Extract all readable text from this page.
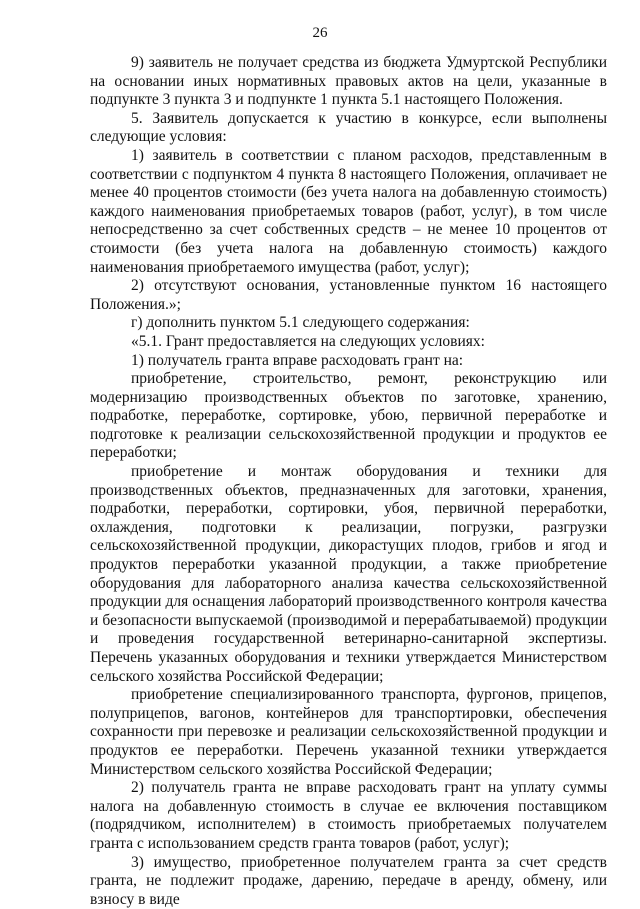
26

9) заявитель не получает средства из бюджета Удмуртской Республики на основании иных нормативных правовых актов на цели, указанные в подпункте 3 пункта 3 и подпункте 1 пункта 5.1 настоящего Положения.

5. Заявитель допускается к участию в конкурсе, если выполнены следующие условия:

1) заявитель в соответствии с планом расходов, представленным в соответствии с подпунктом 4 пункта 8 настоящего Положения, оплачивает не менее 40 процентов стоимости (без учета налога на добавленную стоимость) каждого наименования приобретаемых товаров (работ, услуг), в том числе непосредственно за счет собственных средств – не менее 10 процентов от стоимости (без учета налога на добавленную стоимость) каждого наименования приобретаемого имущества (работ, услуг);

2) отсутствуют основания, установленные пунктом 16 настоящего Положения.»;

г) дополнить пунктом 5.1 следующего содержания:

«5.1. Грант предоставляется на следующих условиях:

1) получатель гранта вправе расходовать грант на:

приобретение, строительство, ремонт, реконструкцию или модернизацию производственных объектов по заготовке, хранению, подработке, переработке, сортировке, убою, первичной переработке и подготовке к реализации сельскохозяйственной продукции и продуктов ее переработки;

приобретение и монтаж оборудования и техники для производственных объектов, предназначенных для заготовки, хранения, подработки, переработки, сортировки, убоя, первичной переработки, охлаждения, подготовки к реализации, погрузки, разгрузки сельскохозяйственной продукции, дикорастущих плодов, грибов и ягод и продуктов переработки указанной продукции, а также приобретение оборудования для лабораторного анализа качества сельскохозяйственной продукции для оснащения лабораторий производственного контроля качества и безопасности выпускаемой (производимой и перерабатываемой) продукции и проведения государственной ветеринарно-санитарной экспертизы. Перечень указанных оборудования и техники утверждается Министерством сельского хозяйства Российской Федерации;

приобретение специализированного транспорта, фургонов, прицепов, полуприцепов, вагонов, контейнеров для транспортировки, обеспечения сохранности при перевозке и реализации сельскохозяйственной продукции и продуктов ее переработки. Перечень указанной техники утверждается Министерством сельского хозяйства Российской Федерации;

2) получатель гранта не вправе расходовать грант на уплату суммы налога на добавленную стоимость в случае ее включения поставщиком (подрядчиком, исполнителем) в стоимость приобретаемых получателем гранта с использованием средств гранта товаров (работ, услуг);

3) имущество, приобретенное получателем гранта за счет средств гранта, не подлежит продаже, дарению, передаче в аренду, обмену, или взносу в виде
